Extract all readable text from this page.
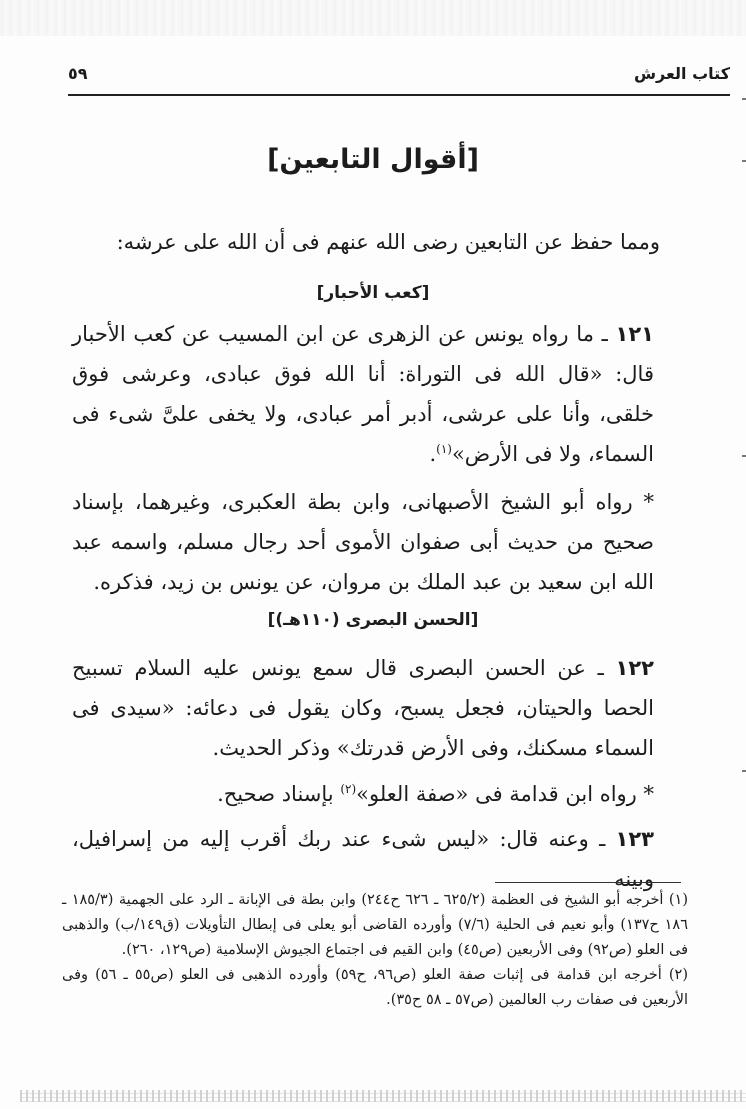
كتاب العرش
٥٩
[أقوال التابعين]
ومما حفظ عن التابعين رضى الله عنهم فى أن الله على عرشه:
[كعب الأحبار]
١٢١ ـ ما رواه يونس عن الزهرى عن ابن المسيب عن كعب الأحبار قال: «قال الله فى التوراة: أنا الله فوق عبادى، وعرشى فوق خلقى، وأنا على عرشى، أدبر أمر عبادى، ولا يخفى علىَّ شىء فى السماء، ولا فى الأرض»$^{(١)}$.
* رواه أبو الشيخ الأصبهانى، وابن بطة العكبرى، وغيرهما، بإسناد صحيح من حديث أبى صفوان الأموى أحد رجال مسلم، واسمه عبد الله ابن سعيد بن عبد الملك بن مروان، عن يونس بن زيد، فذكره.
[الحسن البصرى (١١٠هـ)]
١٢٢ ـ عن الحسن البصرى قال سمع يونس عليه السلام تسبيح الحصا والحيتان، فجعل يسبح، وكان يقول فى دعائه: «سيدى فى السماء مسكنك، وفى الأرض قدرتك» وذكر الحديث.
* رواه ابن قدامة فى «صفة العلو»$^{(٢)}$ بإسناد صحيح.
١٢٣ ـ وعنه قال: «ليس شىء عند ربك أقرب إليه من إسرافيل، وبينه

(١) أخرجه أبو الشيخ فى العظمة (٦٢٥/٢ ـ ٦٢٦ ح٢٤٤) وابن بطة فى الإبانة ـ الرد على الجهمية (١٨٥/٣ ـ ١٨٦ ح١٣٧) وأبو نعيم فى الحلية (٧/٦) وأورده القاضى أبو يعلى فى إبطال التأويلات (ق١٤٩/ب) والذهبى فى العلو (ص٩٢) وفى الأربعين (ص٤٥) وابن القيم فى اجتماع الجيوش الإسلامية (ص١٢٩، ٢٦٠).

(٢) أخرجه ابن قدامة فى إثبات صفة العلو (ص٩٦، ح٥٩) وأورده الذهبى فى العلو (ص٥٥ ـ ٥٦) وفى الأربعين فى صفات رب العالمين (ص٥٧ ـ ٥٨ ح٣٥).
